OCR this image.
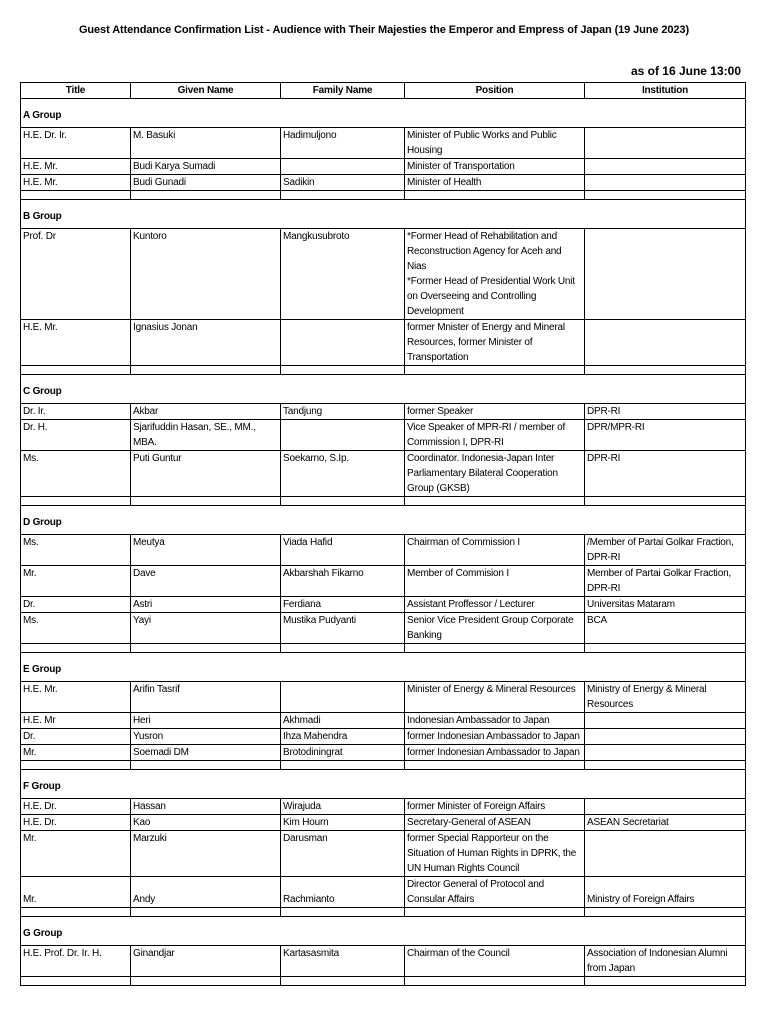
Guest Attendance Confirmation List - Audience with Their Majesties the Emperor and Empress of Japan (19 June 2023)
as of 16 June 13:00
Title	Given Name	Family Name	Position	Institution
A Group				
H.E. Dr. Ir.	M. Basuki	Hadimuljono	Minister of Public Works and Public Housing	
H.E. Mr.	Budi Karya Sumadi		Minister of Transportation	
H.E. Mr.	Budi Gunadi	Sadikin	Minister of Health	

B Group				
Prof. Dr	Kuntoro	Mangkusubroto	*Former Head of Rehabilitation and Reconstruction Agency for Aceh and Nias
*Former Head of Presidential Work Unit on Overseeing and Controlling Development	
H.E. Mr.	Ignasius Jonan		former Mnister of Energy and Mineral Resources, former Minister of Transportation	

C Group				
Dr. Ir.	Akbar	Tandjung	former Speaker	DPR-RI
Dr. H.	Sjarifuddin Hasan, SE., MM., MBA.		Vice Speaker of MPR-RI / member of Commission I, DPR-RI	DPR/MPR-RI
Ms.	Puti Guntur	Soekarno, S.Ip.	Coordinator. Indonesia-Japan Inter Parliamentary Bilateral Cooperation Group (GKSB)	DPR-RI

D Group				
Ms.	Meutya	Viada Hafid	Chairman of Commission I	/Member of Partai Golkar Fraction, DPR-RI
Mr.	Dave	Akbarshah Fikarno	Member of Commision I	Member of Partai Golkar Fraction, DPR-RI
Dr.	Astri	Ferdiana	Assistant Proffessor / Lecturer	Universitas Mataram
Ms.	Yayi	Mustika Pudyanti	Senior Vice President Group Corporate Banking	BCA

E Group				
H.E. Mr.	Arifin Tasrif		Minister of Energy & Mineral Resources	Ministry of Energy & Mineral Resources
H.E. Mr	Heri	Akhmadi	Indonesian Ambassador to Japan	
Dr.	Yusron	Ihza Mahendra	former Indonesian Ambassador to Japan	
Mr.	Soemadi DM	Brotodiningrat	former Indonesian Ambassador to Japan	

F Group				
H.E. Dr.	Hassan	Wirajuda	former Minister of Foreign Affairs	
H.E. Dr.	Kao	Kim Hourn	Secretary-General of ASEAN	ASEAN Secretariat
Mr.	Marzuki	Darusman	former Special Rapporteur on the Situation of Human Rights in DPRK, the UN Human Rights Council	
Mr.	Andy	Rachmianto	Director General of Protocol and Consular Affairs	Ministry of Foreign Affairs

G Group				
H.E. Prof. Dr. Ir. H.	Ginandjar	Kartasasmita	Chairman of the Council	Association of Indonesian Alumni from Japan
